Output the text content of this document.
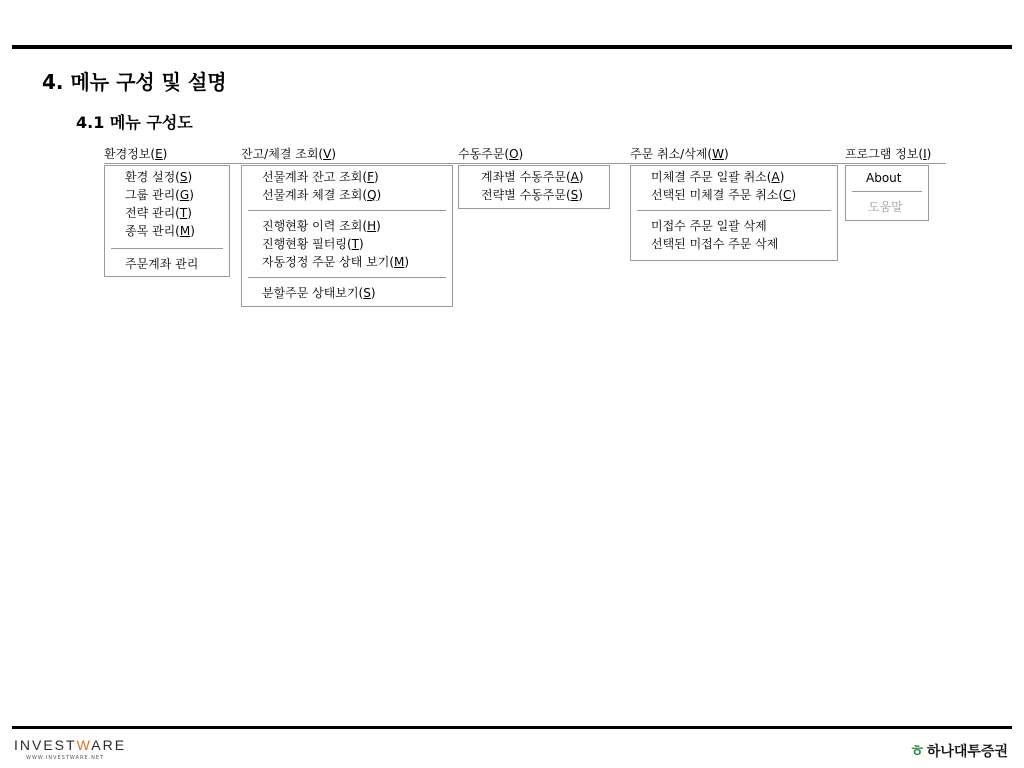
4. 메뉴 구성 및 설명
4.1 메뉴 구성도
환경정보(E)	잔고/체결 조회(V)	수동주문(O)	주문 취소/삭제(W)	프로그램 정보(I)
환경 설정(S)
그룹 관리(G)
전략 관리(T)
종목 관리(M)
주문계좌 관리
선물계좌 잔고 조회(F)
선물계좌 체결 조회(Q)
진행현황 이력 조회(H)
진행현황 필터링(T)
자동정정 주문 상태 보기(M)
분할주문 상태보기(S)
계좌별 수동주문(A)
전략별 수동주문(S)
미체결 주문 일괄 취소(A)
선택된 미체결 주문 취소(C)
미접수 주문 일괄 삭제
선택된 미접수 주문 삭제
About
도움말
INVESTWARE
WWW.INVESTWARE.NET	ㅎ 하나대투증권
